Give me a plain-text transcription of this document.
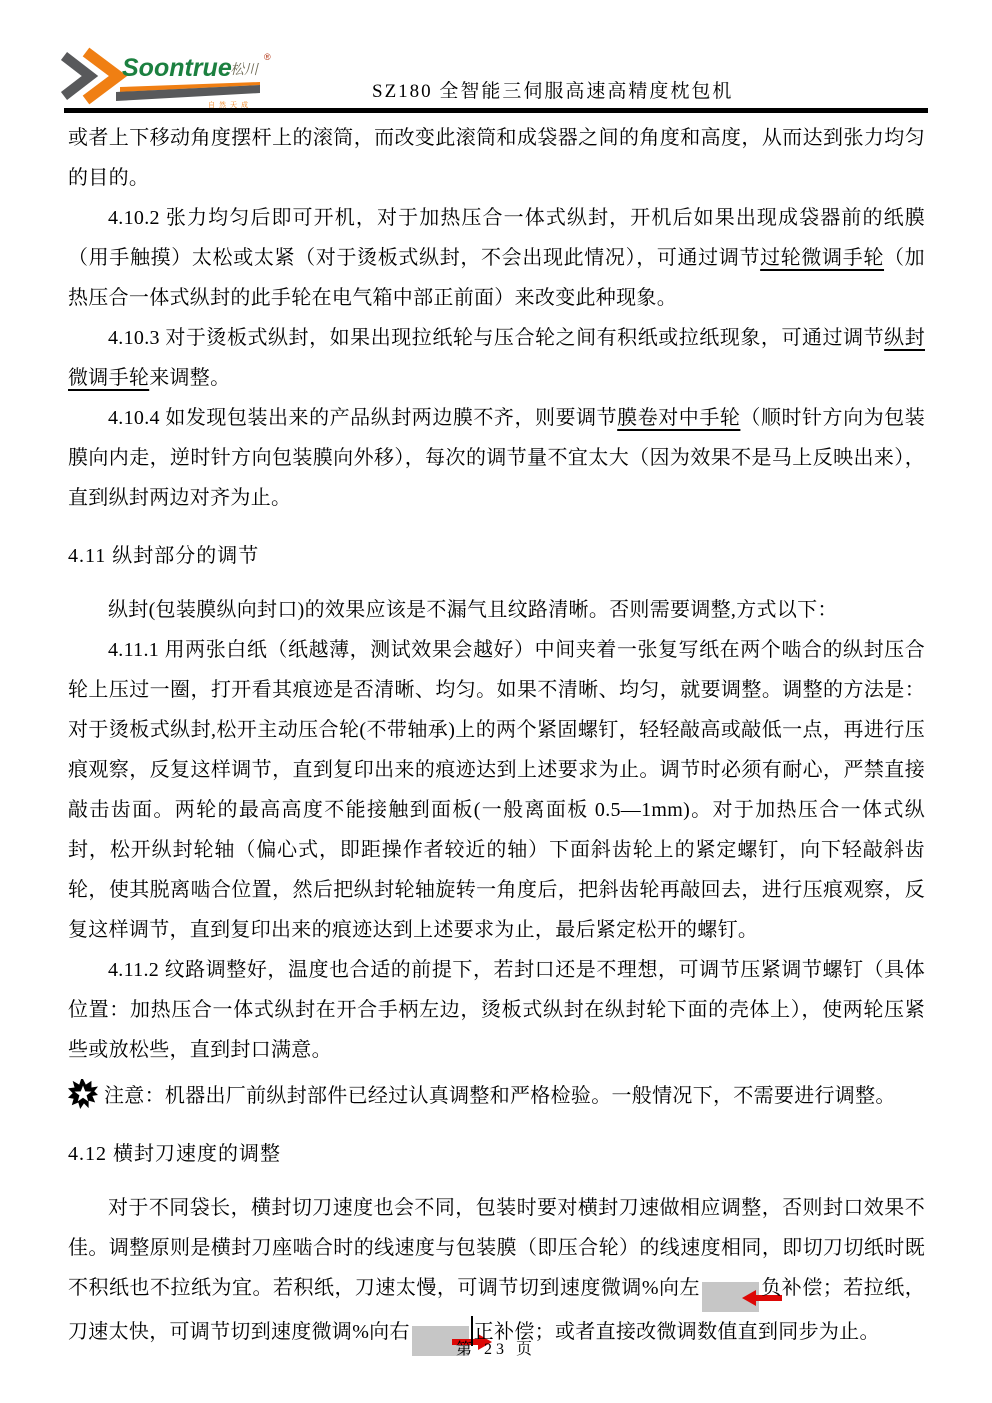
Soontrue
松川
®
自然天成
SZ180 全智能三伺服高速高精度枕包机

或者上下移动角度摆杆上的滚筒，而改变此滚筒和成袋器之间的角度和高度，从而达到张力均匀的目的。

4.10.2 张力均匀后即可开机，对于加热压合一体式纵封，开机后如果出现成袋器前的纸膜（用手触摸）太松或太紧（对于烫板式纵封，不会出现此情况），可通过调节过轮微调手轮（加热压合一体式纵封的此手轮在电气箱中部正前面）来改变此种现象。

4.10.3 对于烫板式纵封，如果出现拉纸轮与压合轮之间有积纸或拉纸现象，可通过调节纵封微调手轮来调整。

4.10.4 如发现包装出来的产品纵封两边膜不齐，则要调节膜卷对中手轮（顺时针方向为包装膜向内走，逆时针方向包装膜向外移），每次的调节量不宜太大（因为效果不是马上反映出来），直到纵封两边对齐为止。

4.11 纵封部分的调节

纵封(包装膜纵向封口)的效果应该是不漏气且纹路清晰。否则需要调整,方式以下：

4.11.1 用两张白纸（纸越薄，测试效果会越好）中间夹着一张复写纸在两个啮合的纵封压合轮上压过一圈，打开看其痕迹是否清晰、均匀。如果不清晰、均匀，就要调整。调整的方法是：对于烫板式纵封,松开主动压合轮(不带轴承)上的两个紧固螺钉，轻轻敲高或敲低一点，再进行压痕观察，反复这样调节，直到复印出来的痕迹达到上述要求为止。调节时必须有耐心，严禁直接敲击齿面。两轮的最高高度不能接触到面板(一般离面板 0.5—1mm)。对于加热压合一体式纵封，松开纵封轮轴（偏心式，即距操作者较近的轴）下面斜齿轮上的紧定螺钉，向下轻敲斜齿轮，使其脱离啮合位置，然后把纵封轮轴旋转一角度后，把斜齿轮再敲回去，进行压痕观察，反复这样调节，直到复印出来的痕迹达到上述要求为止，最后紧定松开的螺钉。

4.11.2 纹路调整好，温度也合适的前提下，若封口还是不理想，可调节压紧调节螺钉（具体位置：加热压合一体式纵封在开合手柄左边，烫板式纵封在纵封轮下面的壳体上），使两轮压紧些或放松些，直到封口满意。

注意：机器出厂前纵封部件已经过认真调整和严格检验。一般情况下，不需要进行调整。

4.12 横封刀速度的调整

对于不同袋长，横封切刀速度也会不同，包装时要对横封刀速做相应调整，否则封口效果不佳。调整原则是横封刀座啮合时的线速度与包装膜（即压合轮）的线速度相同，即切刀切纸时既不积纸也不拉纸为宜。若积纸，刀速太慢，可调节切到速度微调%向左	负补偿；若拉纸，刀速太快，可调节切到速度微调%向右	正补偿；或者直接改微调数值直到同步为止。

第 23 页
